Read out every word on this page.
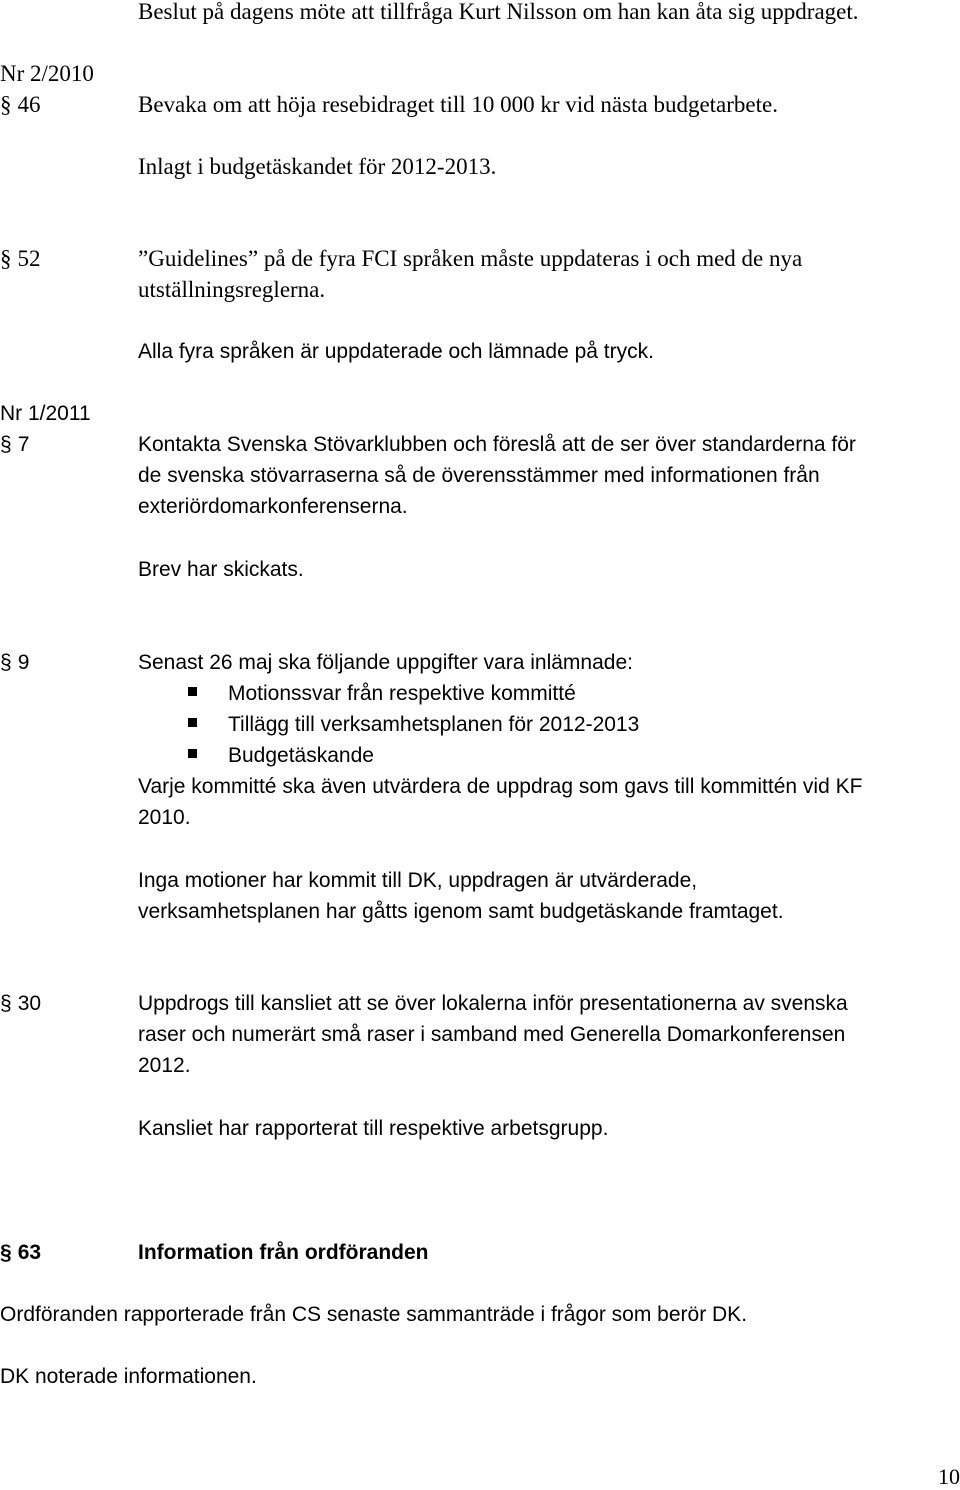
Beslut på dagens möte att tillfråga Kurt Nilsson om han kan åta sig uppdraget.
Nr 2/2010
§ 46	Bevaka om att höja resebidraget till 10 000 kr vid nästa budgetarbete.
Inlagt i budgetäskandet för 2012-2013.
§ 52	”Guidelines” på de fyra FCI språken måste uppdateras i och med de nya
utställningsreglerna.
Alla fyra språken är uppdaterade och lämnade på tryck.
Nr 1/2011
§ 7	Kontakta Svenska Stövarklubben och föreslå att de ser över standarderna för
de svenska stövarraserna så de överensstämmer med informationen från
exteriördomarkonferenserna.
Brev har skickats.
§ 9	Senast 26 maj ska följande uppgifter vara inlämnade:
Motionssvar från respektive kommitté
Tillägg till verksamhetsplanen för 2012-2013
Budgetäskande
Varje kommitté ska även utvärdera de uppdrag som gavs till kommittén vid KF
2010.
Inga motioner har kommit till DK, uppdragen är utvärderade,
verksamhetsplanen har gåtts igenom samt budgetäskande framtaget.
§ 30	Uppdrogs till kansliet att se över lokalerna inför presentationerna av svenska
raser och numerärt små raser i samband med Generella Domarkonferensen
2012.
Kansliet har rapporterat till respektive arbetsgrupp.
§ 63	Information från ordföranden
Ordföranden rapporterade från CS senaste sammanträde i frågor som berör DK.
DK noterade informationen.
10
